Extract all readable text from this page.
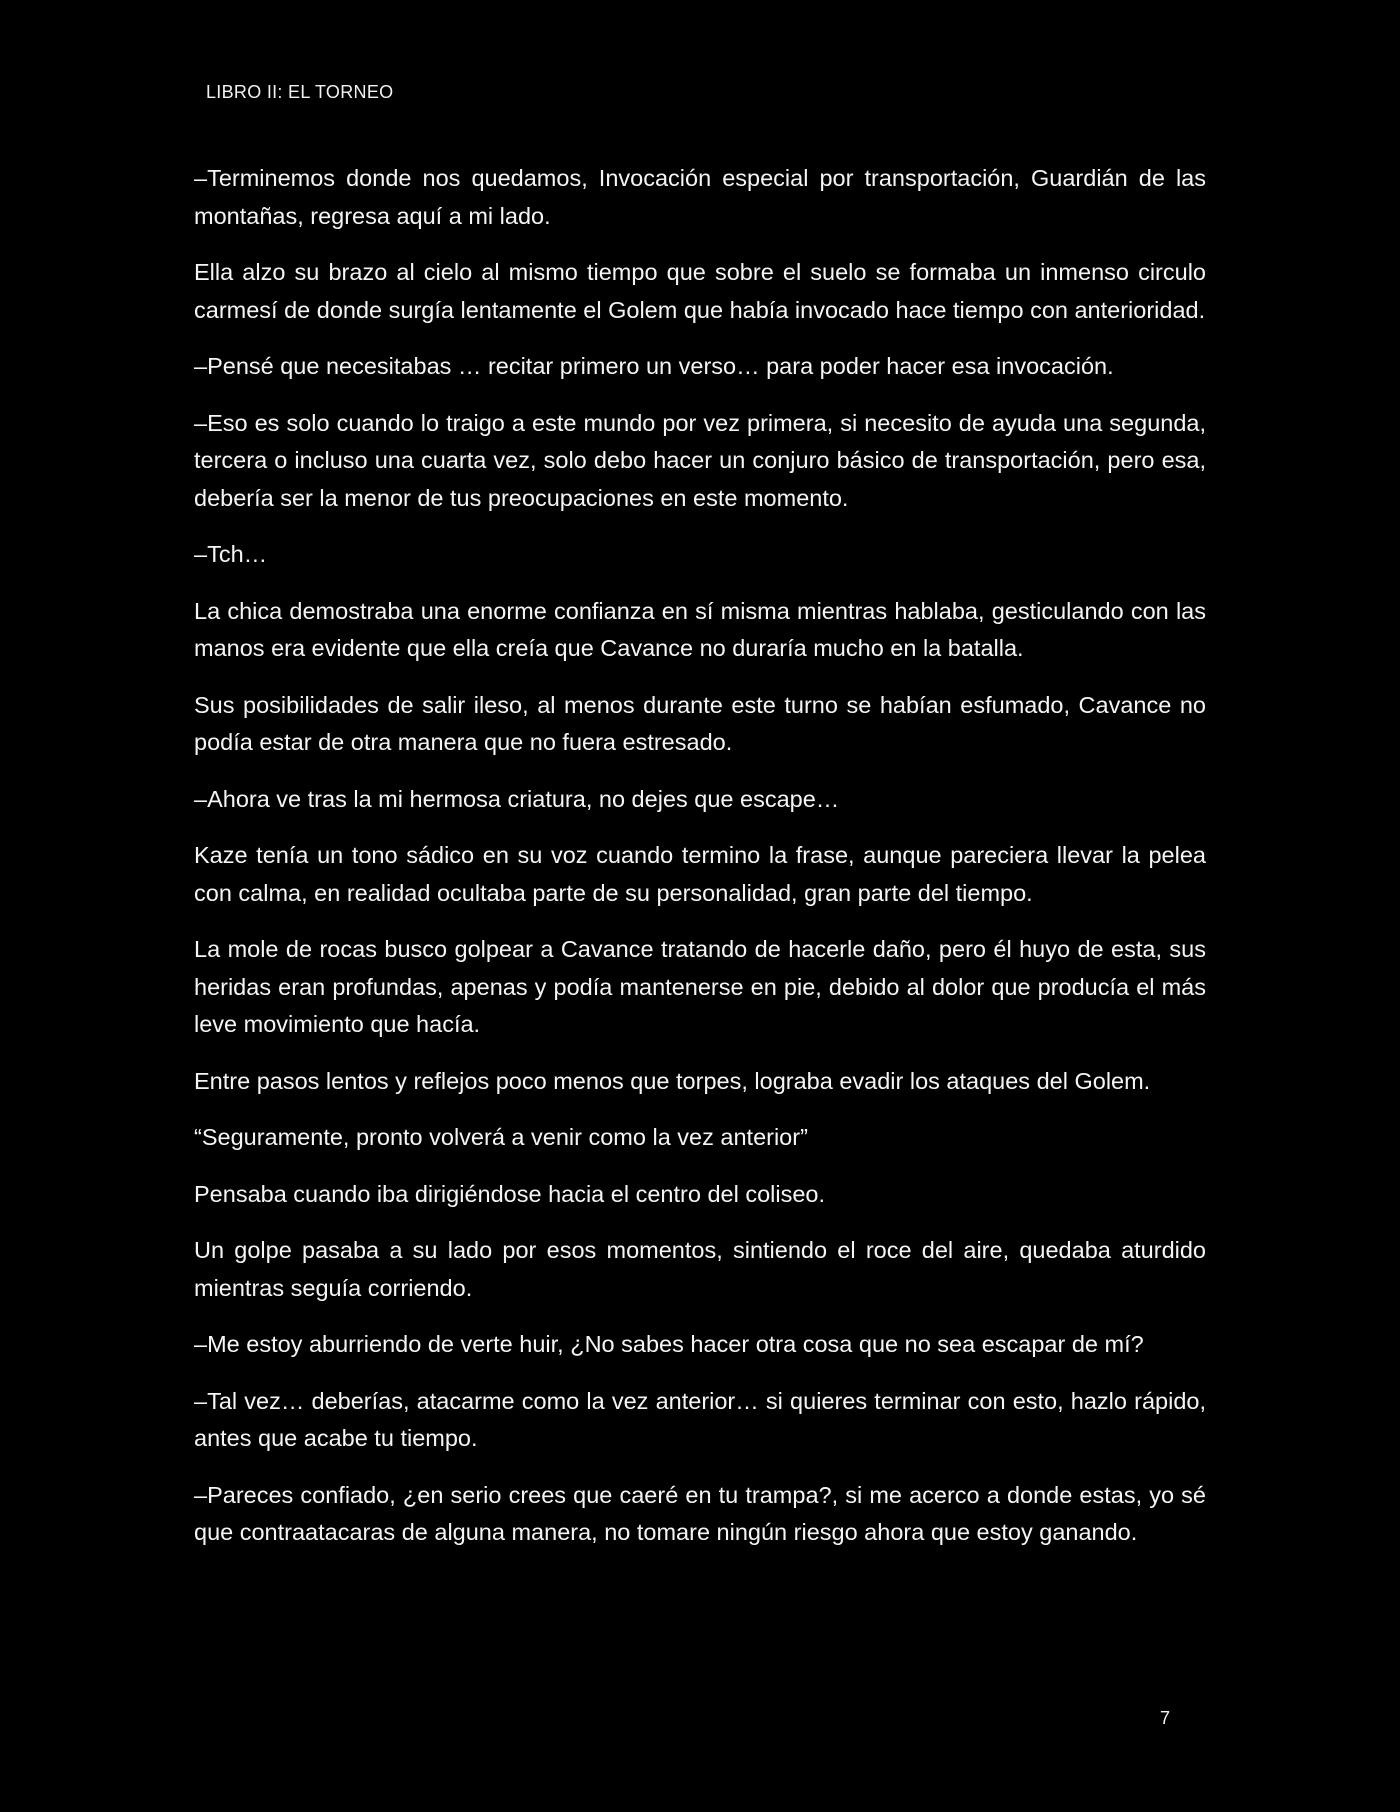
LIBRO II: EL TORNEO

–Terminemos donde nos quedamos, Invocación especial por transportación, Guardián de las montañas, regresa aquí a mi lado.

Ella alzo su brazo al cielo al mismo tiempo que sobre el suelo se formaba un inmenso circulo carmesí de donde surgía lentamente el Golem que había invocado hace tiempo con anterioridad.

–Pensé que necesitabas … recitar primero un verso… para poder hacer esa invocación.

–Eso es solo cuando lo traigo a este mundo por vez primera, si necesito de ayuda una segunda, tercera o incluso una cuarta vez, solo debo hacer un conjuro básico de transportación, pero esa, debería ser la menor de tus preocupaciones en este momento.

–Tch…

La chica demostraba una enorme confianza en sí misma mientras hablaba, gesticulando con las manos era evidente que ella creía que Cavance no duraría mucho en la batalla.

Sus posibilidades de salir ileso, al menos durante este turno se habían esfumado, Cavance no podía estar de otra manera que no fuera estresado.

–Ahora ve tras la mi hermosa criatura, no dejes que escape…

Kaze tenía un tono sádico en su voz cuando termino la frase, aunque pareciera llevar la pelea con calma, en realidad ocultaba parte de su personalidad, gran parte del tiempo.

La mole de rocas busco golpear a Cavance tratando de hacerle daño, pero él huyo de esta, sus heridas eran profundas, apenas y podía mantenerse en pie, debido al dolor que producía el más leve movimiento que hacía.

Entre pasos lentos y reflejos poco menos que torpes, lograba evadir los ataques del Golem.

“Seguramente, pronto volverá a venir como la vez anterior”

Pensaba cuando iba dirigiéndose hacia el centro del coliseo.

Un golpe pasaba a su lado por esos momentos, sintiendo el roce del aire, quedaba aturdido mientras seguía corriendo.

–Me estoy aburriendo de verte huir, ¿No sabes hacer otra cosa que no sea escapar de mí?

–Tal vez… deberías, atacarme como la vez anterior… si quieres terminar con esto, hazlo rápido, antes que acabe tu tiempo.

–Pareces confiado, ¿en serio crees que caeré en tu trampa?, si me acerco a donde estas, yo sé que contraatacaras de alguna manera, no tomare ningún riesgo ahora que estoy ganando.

7
